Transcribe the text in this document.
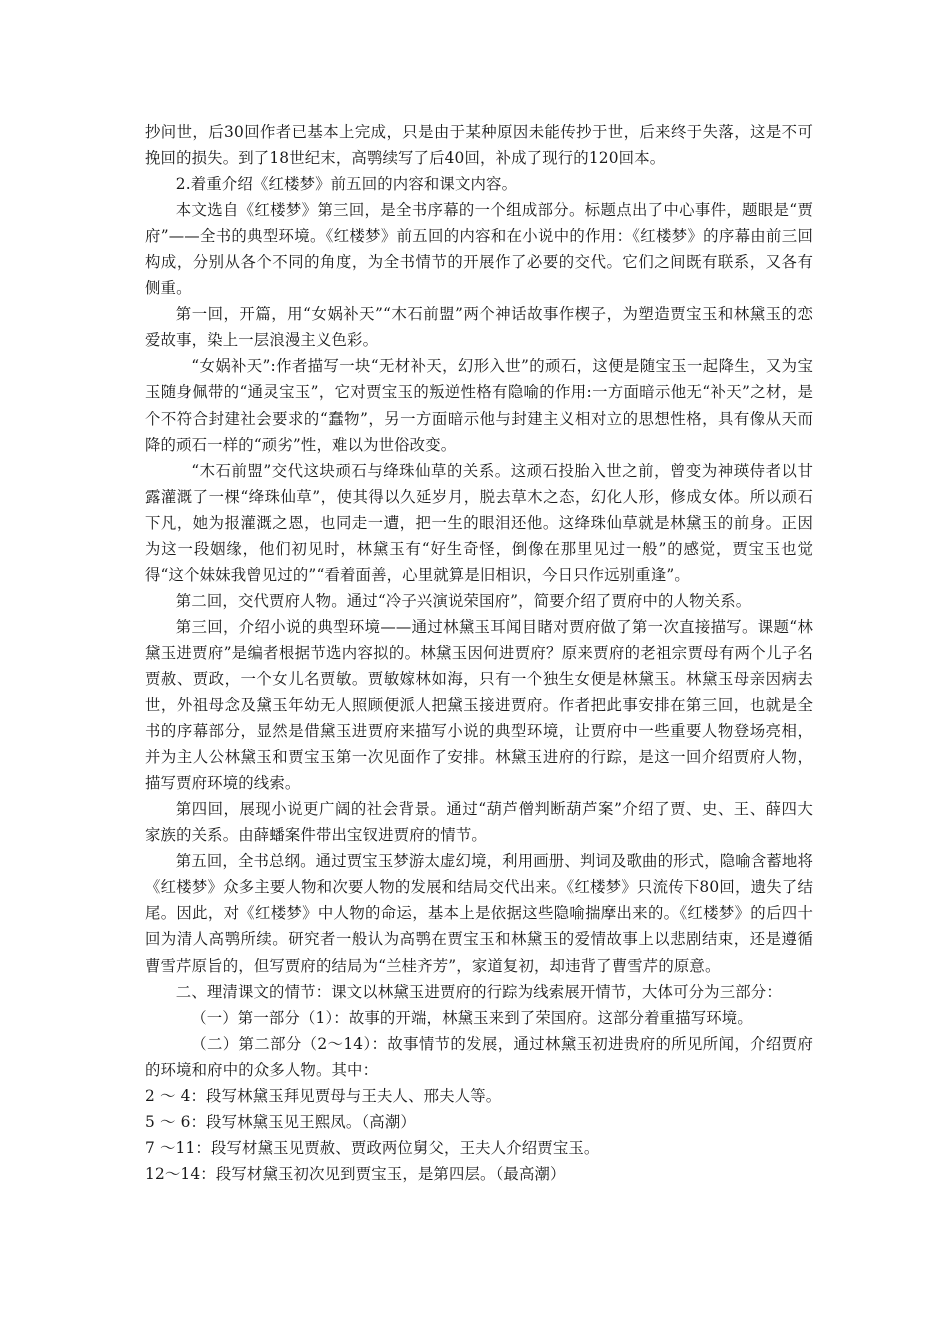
抄问世，后30回作者已基本上完成，只是由于某种原因未能传抄于世，后来终于失落，这是不可挽回的损失。到了18世纪末，高鹗续写了后40回，补成了现行的120回本。

2.着重介绍《红楼梦》前五回的内容和课文内容。

本文选自《红楼梦》第三回，是全书序幕的一个组成部分。标题点出了中心事件，题眼是“贾府”——全书的典型环境。《红楼梦》前五回的内容和在小说中的作用：《红楼梦》的序幕由前三回构成，分别从各个不同的角度，为全书情节的开展作了必要的交代。它们之间既有联系，又各有侧重。

第一回，开篇，用“女娲补天”“木石前盟”两个神话故事作楔子，为塑造贾宝玉和林黛玉的恋爱故事，染上一层浪漫主义色彩。

“女娲补天”:作者描写一块“无材补天，幻形入世”的顽石，这便是随宝玉一起降生，又为宝玉随身佩带的“通灵宝玉”，它对贾宝玉的叛逆性格有隐喻的作用:一方面暗示他无“补天”之材，是个不符合封建社会要求的“蠢物”，另一方面暗示他与封建主义相对立的思想性格，具有像从天而降的顽石一样的“顽劣”性，难以为世俗改变。

“木石前盟”交代这块顽石与绛珠仙草的关系。这顽石投胎入世之前，曾变为神瑛侍者以甘露灌溉了一棵“绛珠仙草”，使其得以久延岁月，脱去草木之态，幻化人形，修成女体。所以顽石下凡，她为报灌溉之恩，也同走一遭，把一生的眼泪还他。这绛珠仙草就是林黛玉的前身。正因为这一段姻缘，他们初见时，林黛玉有“好生奇怪，倒像在那里见过一般”的感觉，贾宝玉也觉得“这个妹妹我曾见过的”“看着面善，心里就算是旧相识，今日只作远别重逢”。

第二回，交代贾府人物。通过“冷子兴演说荣国府”，简要介绍了贾府中的人物关系。

第三回，介绍小说的典型环境——通过林黛玉耳闻目睹对贾府做了第一次直接描写。课题“林黛玉进贾府”是编者根据节选内容拟的。林黛玉因何进贾府？原来贾府的老祖宗贾母有两个儿子名贾赦、贾政，一个女儿名贾敏。贾敏嫁林如海，只有一个独生女便是林黛玉。林黛玉母亲因病去世，外祖母念及黛玉年幼无人照顾便派人把黛玉接进贾府。作者把此事安排在第三回，也就是全书的序幕部分，显然是借黛玉进贾府来描写小说的典型环境，让贾府中一些重要人物登场亮相，并为主人公林黛玉和贾宝玉第一次见面作了安排。林黛玉进府的行踪，是这一回介绍贾府人物，描写贾府环境的线索。

第四回，展现小说更广阔的社会背景。通过“葫芦僧判断葫芦案”介绍了贾、史、王、薛四大家族的关系。由薛蟠案件带出宝钗进贾府的情节。

第五回，全书总纲。通过贾宝玉梦游太虚幻境，利用画册、判词及歌曲的形式，隐喻含蓄地将《红楼梦》众多主要人物和次要人物的发展和结局交代出来。《红楼梦》只流传下80回，遗失了结尾。因此，对《红楼梦》中人物的命运，基本上是依据这些隐喻揣摩出来的。《红楼梦》的后四十回为清人高鹗所续。研究者一般认为高鹗在贾宝玉和林黛玉的爱情故事上以悲剧结束，还是遵循曹雪芹原旨的，但写贾府的结局为“兰桂齐芳”，家道复初，却违背了曹雪芹的原意。

二、理清课文的情节：课文以林黛玉进贾府的行踪为线索展开情节，大体可分为三部分：

（一）第一部分（1）：故事的开端，林黛玉来到了荣国府。这部分着重描写环境。

（二）第二部分（2～14）：故事情节的发展，通过林黛玉初进贵府的所见所闻，介绍贾府的环境和府中的众多人物。其中：

2 ～ 4：段写林黛玉拜见贾母与王夫人、邢夫人等。

5 ～ 6：段写林黛玉见王熙凤。（高潮）

7 ～11：段写材黛玉见贾赦、贾政两位舅父，王夫人介绍贾宝玉。

12～14：段写材黛玉初次见到贾宝玉，是第四层。（最高潮）
